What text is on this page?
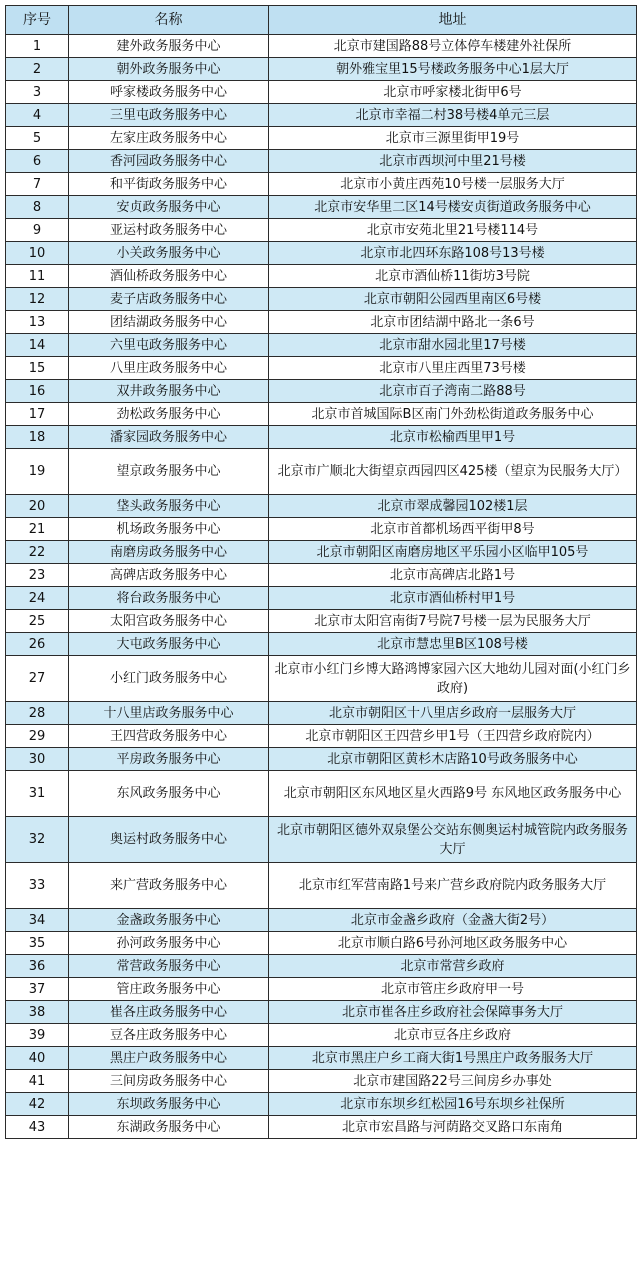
序号	名称	地址
1	建外政务服务中心	北京市建国路88号立体停车楼建外社保所
2	朝外政务服务中心	朝外雅宝里15号楼政务服务中心1层大厅
3	呼家楼政务服务中心	北京市呼家楼北街甲6号
4	三里屯政务服务中心	北京市幸福二村38号楼4单元三层
5	左家庄政务服务中心	北京市三源里街甲19号
6	香河园政务服务中心	北京市西坝河中里21号楼
7	和平街政务服务中心	北京市小黄庄西苑10号楼一层服务大厅
8	安贞政务服务中心	北京市安华里二区14号楼安贞街道政务服务中心
9	亚运村政务服务中心	北京市安苑北里21号楼114号
10	小关政务服务中心	北京市北四环东路108号13号楼
11	酒仙桥政务服务中心	北京市酒仙桥11街坊3号院
12	麦子店政务服务中心	北京市朝阳公园西里南区6号楼
13	团结湖政务服务中心	北京市团结湖中路北一条6号
14	六里屯政务服务中心	北京市甜水园北里17号楼
15	八里庄政务服务中心	北京市八里庄西里73号楼
16	双井政务服务中心	北京市百子湾南二路88号
17	劲松政务服务中心	北京市首城国际B区南门外劲松街道政务服务中心
18	潘家园政务服务中心	北京市松榆西里甲1号
19	望京政务服务中心	北京市广顺北大街望京西园四区425楼（望京为民服务大厅）
20	垡头政务服务中心	北京市翠成馨园102楼1层
21	机场政务服务中心	北京市首都机场西平街甲8号
22	南磨房政务服务中心	北京市朝阳区南磨房地区平乐园小区临甲105号
23	高碑店政务服务中心	北京市高碑店北路1号
24	将台政务服务中心	北京市酒仙桥村甲1号
25	太阳宫政务服务中心	北京市太阳宫南街7号院7号楼一层为民服务大厅
26	大屯政务服务中心	北京市慧忠里B区108号楼
27	小红门政务服务中心	北京市小红门乡博大路鸿博家园六区大地幼儿园对面(小红门乡政府)
28	十八里店政务服务中心	北京市朝阳区十八里店乡政府一层服务大厅
29	王四营政务服务中心	北京市朝阳区王四营乡甲1号（王四营乡政府院内）
30	平房政务服务中心	北京市朝阳区黄杉木店路10号政务服务中心
31	东风政务服务中心	北京市朝阳区东风地区星火西路9号 东风地区政务服务中心
32	奥运村政务服务中心	北京市朝阳区德外双泉堡公交站东侧奥运村城管院内政务服务大厅
33	来广营政务服务中心	北京市红军营南路1号来广营乡政府院内政务服务大厅
34	金盏政务服务中心	北京市金盏乡政府（金盏大街2号）
35	孙河政务服务中心	北京市顺白路6号孙河地区政务服务中心
36	常营政务服务中心	北京市常营乡政府
37	管庄政务服务中心	北京市管庄乡政府甲一号
38	崔各庄政务服务中心	北京市崔各庄乡政府社会保障事务大厅
39	豆各庄政务服务中心	北京市豆各庄乡政府
40	黑庄户政务服务中心	北京市黑庄户乡工商大街1号黑庄户政务服务大厅
41	三间房政务服务中心	北京市建国路22号三间房乡办事处
42	东坝政务服务中心	北京市东坝乡红松园16号东坝乡社保所
43	东湖政务服务中心	北京市宏昌路与河荫路交叉路口东南角
